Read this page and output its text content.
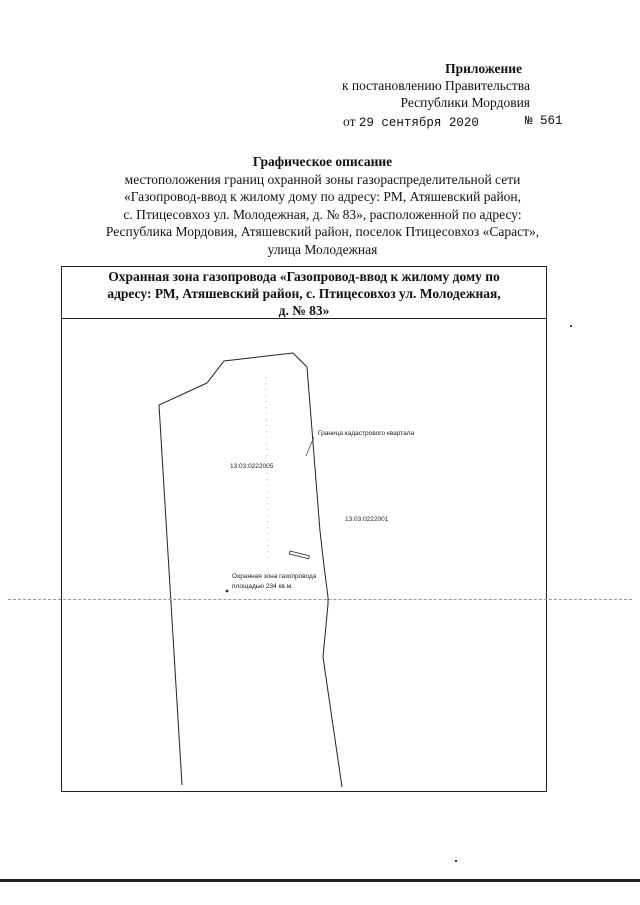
Приложение
к постановлению Правительства
Республики Мордовия
от 29 сентября 2020	№ 561
Графическое описание
местоположения границ охранной зоны газораспределительной сети
«Газопровод-ввод к жилому дому по адресу: РМ, Атяшевский район,
с. Птицесовхоз ул. Молодежная, д. № 83», расположенной по адресу:
Республика Мордовия, Атяшевский район, поселок Птицесовхоз «Сараст»,
улица Молодежная
Охранная зона газопровода «Газопровод-ввод к жилому дому по
адресу: РМ, Атяшевский район, с. Птицесовхоз ул. Молодежная,
д. № 83»
Граница кадастрового квартала
13:03:0222005
13:03:0222001
Охранная зона газопровода
площадью 234 кв.м.
